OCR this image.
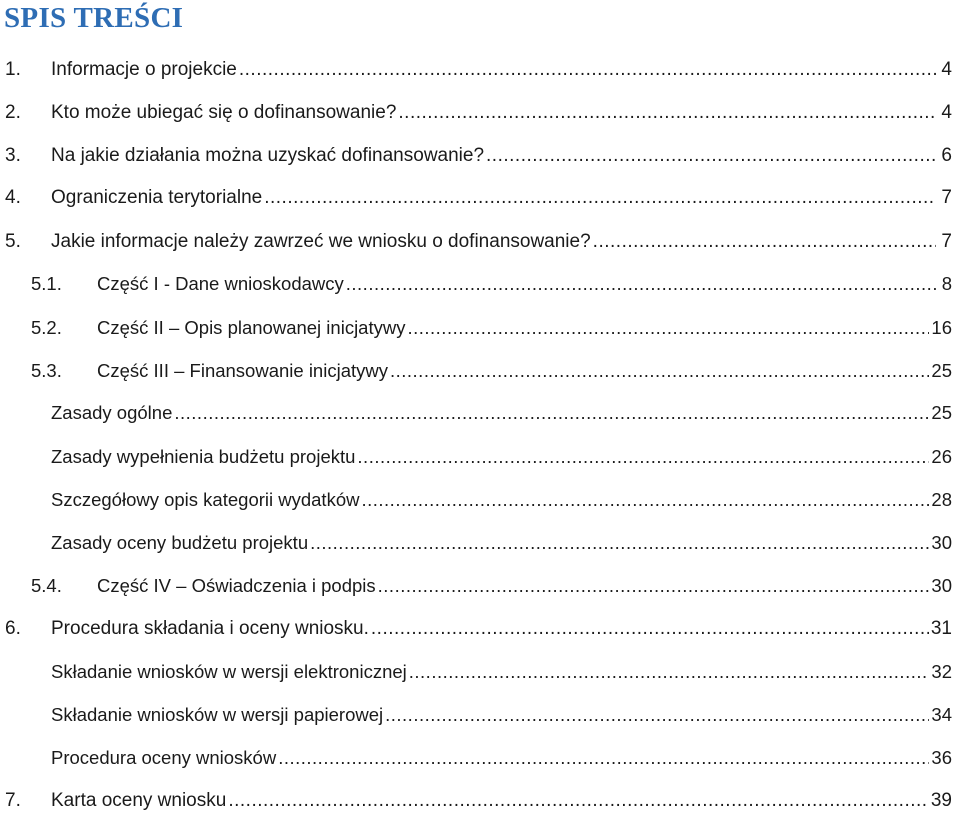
SPIS TREŚCI
1.	Informacje o projekcie .....	4
2.	Kto może ubiegać się o dofinansowanie? .....	4
3.	Na jakie działania można uzyskać dofinansowanie? .....	6
4.	Ograniczenia terytorialne .....	7
5.	Jakie informacje należy zawrzeć we wniosku o dofinansowanie? .....	7
5.1.	Część I - Dane wnioskodawcy .....	8
5.2.	Część II – Opis planowanej inicjatywy .....	16
5.3.	Część III – Finansowanie inicjatywy .....	25
Zasady ogólne .....	25
Zasady wypełnienia budżetu projektu .....	26
Szczegółowy opis kategorii wydatków .....	28
Zasady oceny budżetu projektu .....	30
5.4.	Część IV – Oświadczenia i podpis .....	30
6.	Procedura składania i oceny wniosku. .....	31
Składanie wniosków w wersji elektronicznej .....	32
Składanie wniosków w wersji papierowej .....	34
Procedura oceny wniosków .....	36
7.	Karta oceny wniosku .....	39
